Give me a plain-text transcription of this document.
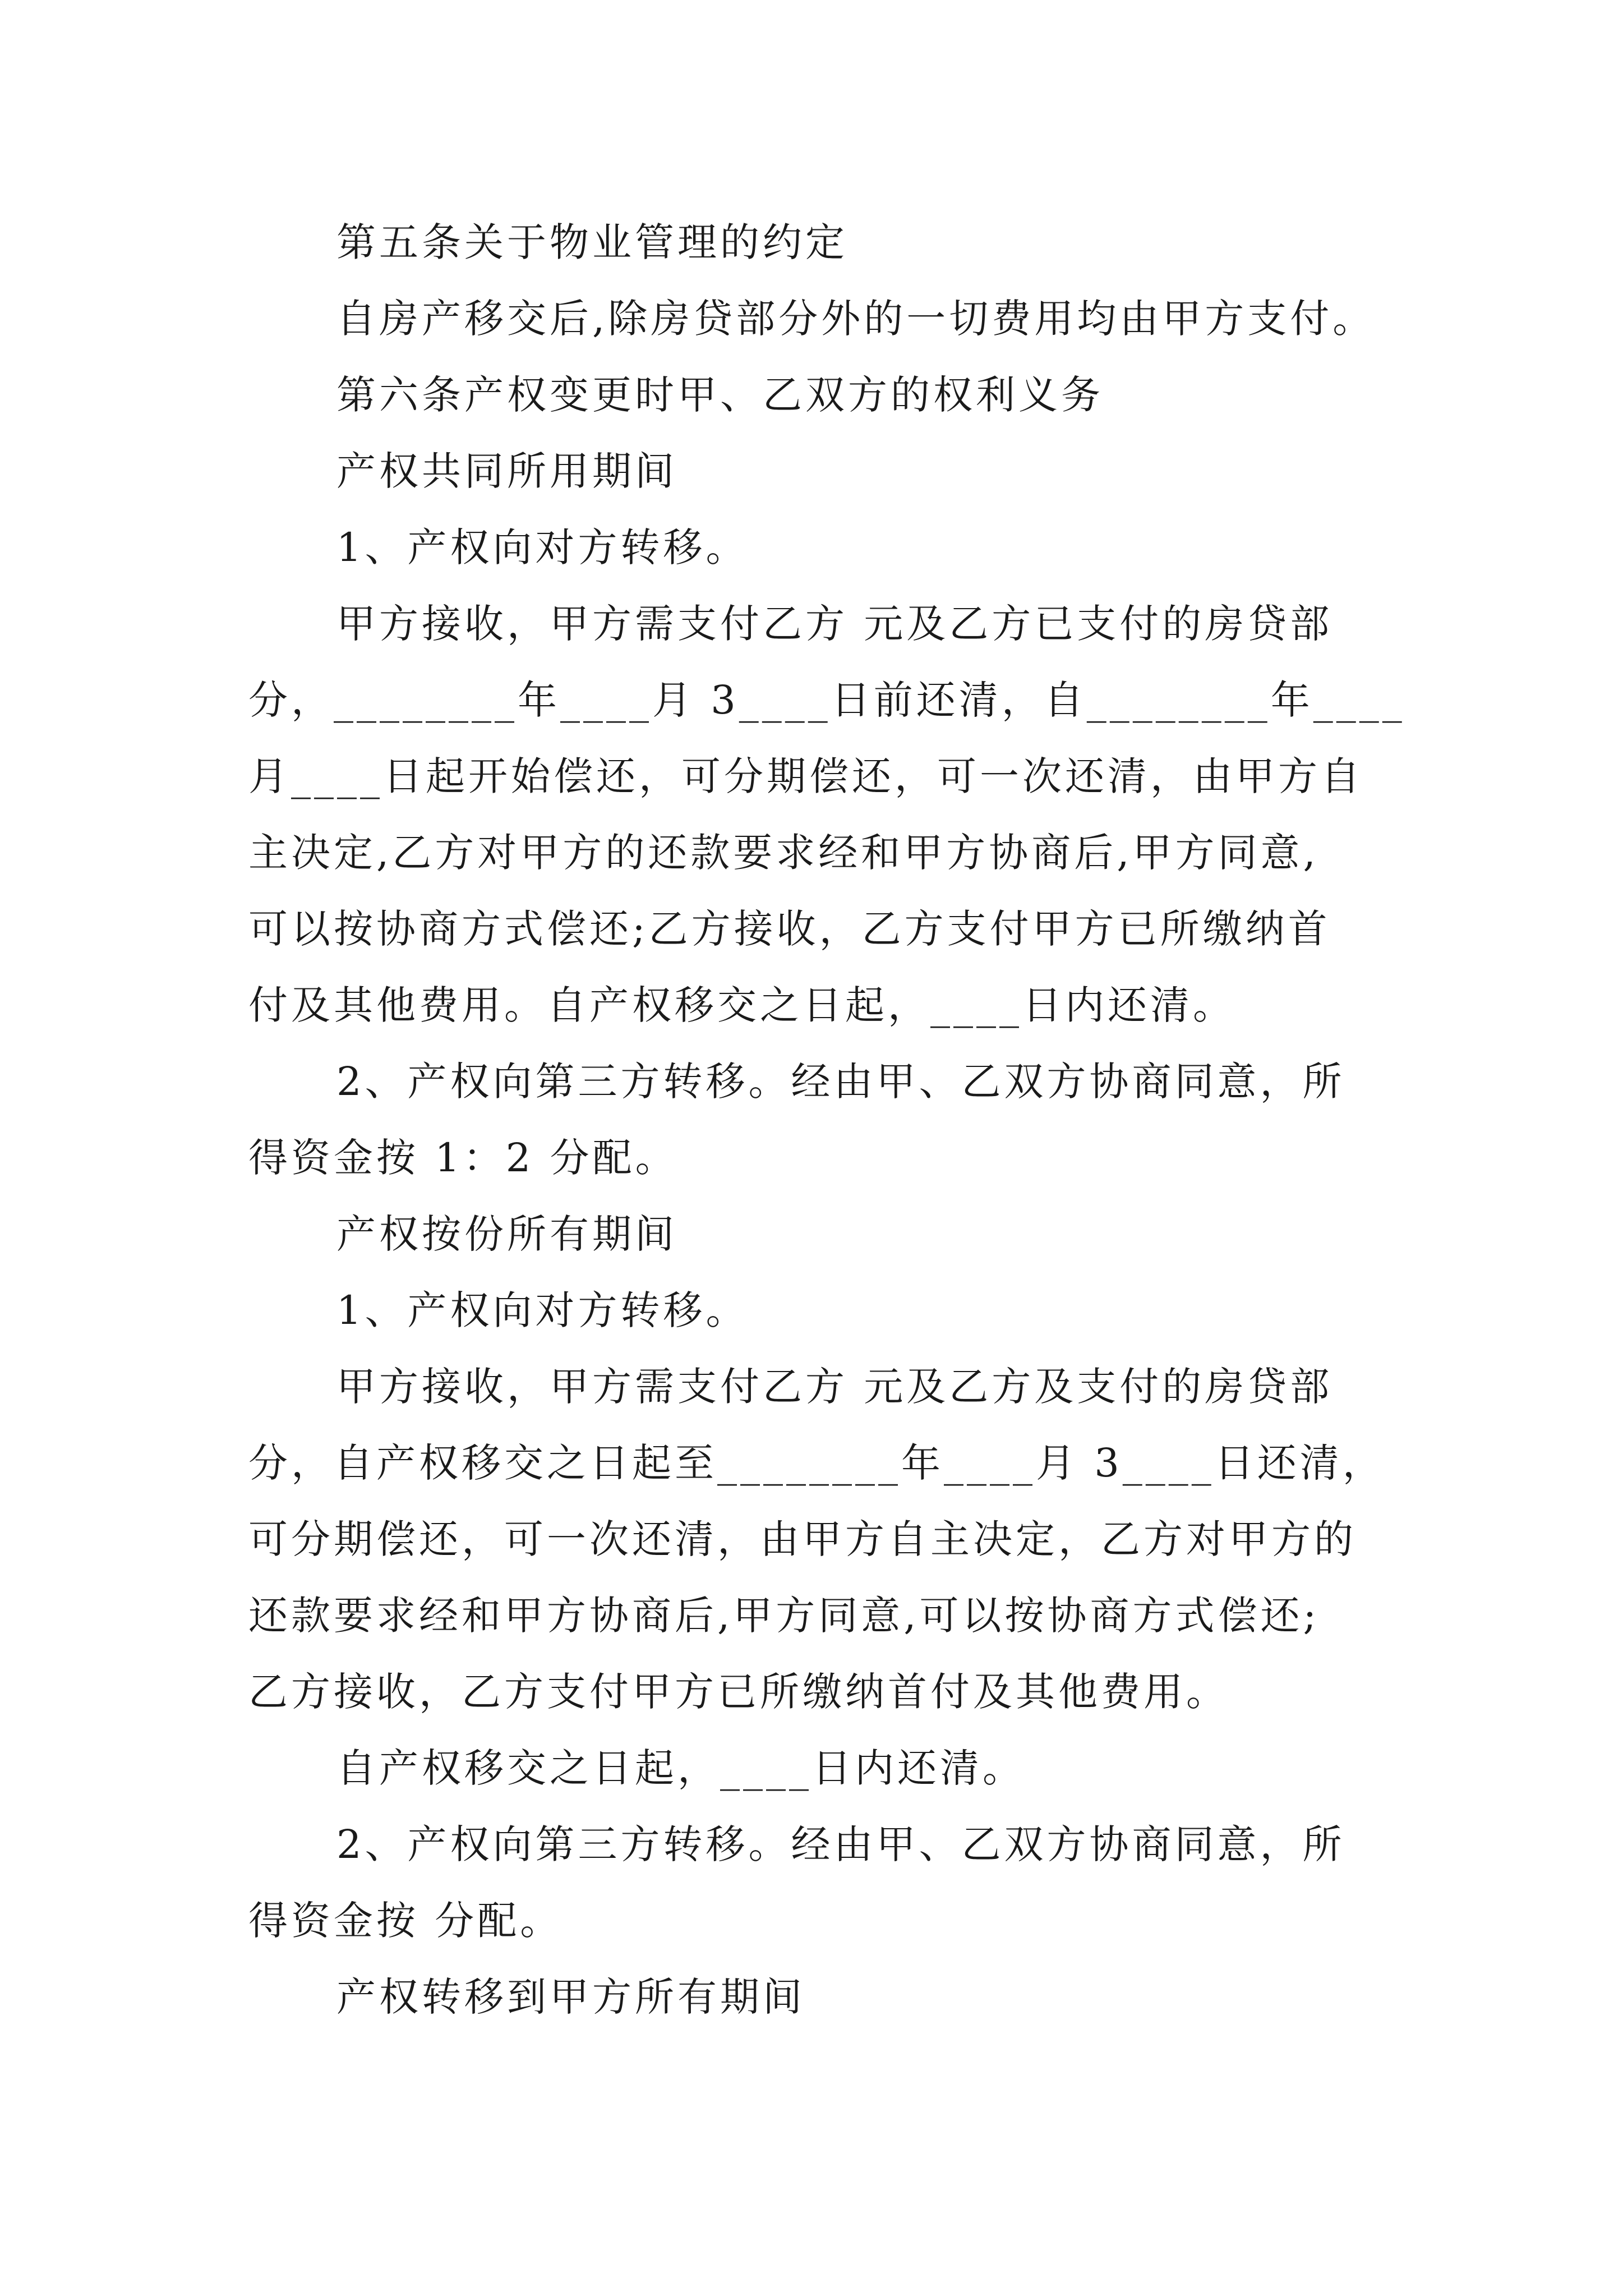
第五条关于物业管理的约定
自房产移交后,除房贷部分外的一切费用均由甲方支付。
第六条产权变更时甲、乙双方的权利义务
产权共同所用期间
1、产权向对方转移。
甲方接收，甲方需支付乙方 元及乙方已支付的房贷部
分，________年____月 3____日前还清，自________年____
月____日起开始偿还，可分期偿还，可一次还清，由甲方自
主决定,乙方对甲方的还款要求经和甲方协商后,甲方同意,
可以按协商方式偿还;乙方接收，乙方支付甲方已所缴纳首
付及其他费用。自产权移交之日起，____日内还清。
2、产权向第三方转移。经由甲、乙双方协商同意，所
得资金按 1：2 分配。
产权按份所有期间
1、产权向对方转移。
甲方接收，甲方需支付乙方 元及乙方及支付的房贷部
分，自产权移交之日起至________年____月 3____日还清，
可分期偿还，可一次还清，由甲方自主决定，乙方对甲方的
还款要求经和甲方协商后,甲方同意,可以按协商方式偿还;
乙方接收，乙方支付甲方已所缴纳首付及其他费用。
自产权移交之日起，____日内还清。
2、产权向第三方转移。经由甲、乙双方协商同意，所
得资金按 分配。
产权转移到甲方所有期间
